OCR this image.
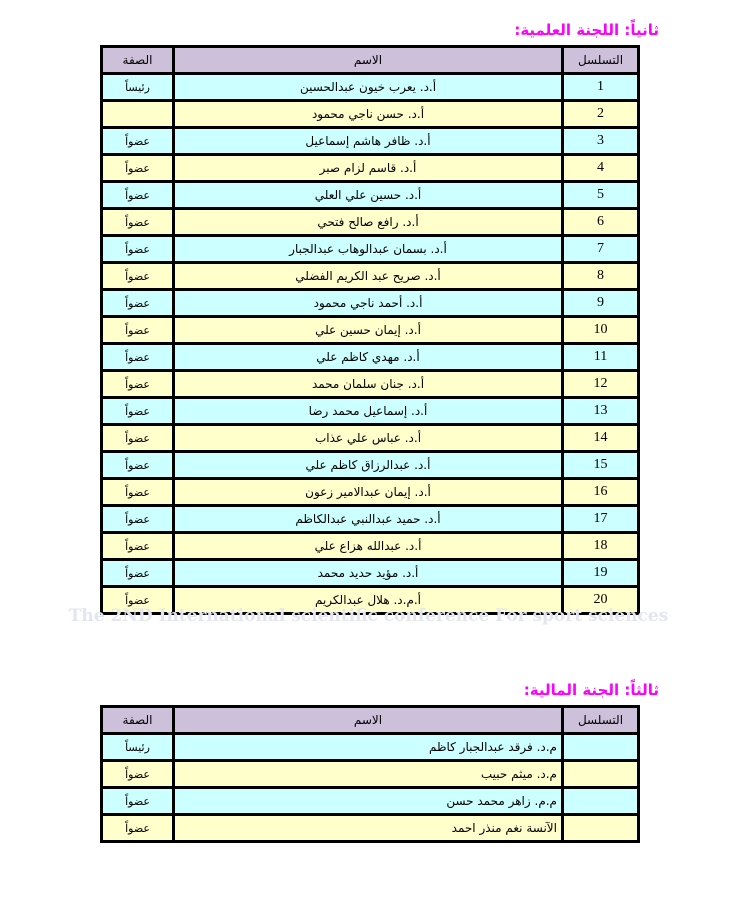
ثانياً: اللجنة العلمية:
التسلسل	الاسم	الصفة
1	أ.د. يعرب خيون عبدالحسين	رئيساً
2	أ.د. حسن ناجي محمود	
3	أ.د. ظافر هاشم إسماعيل	عضواً
4	أ.د. قاسم لزام صبر	عضواً
5	أ.د. حسين علي العلي	عضواً
6	أ.د. رافع صالح فتحي	عضواً
7	أ.د. بسمان عبدالوهاب عبدالجبار	عضواً
8	أ.د. صريح عبد الكريم الفضلي	عضواً
9	أ.د. أحمد ناجي محمود	عضواً
10	أ.د. إيمان حسين علي	عضواً
11	أ.د. مهدي كاظم علي	عضواً
12	أ.د. جنان سلمان محمد	عضواً
13	أ.د. إسماعيل محمد رضا	عضواً
14	أ.د. عباس علي عذاب	عضواً
15	أ.د. عبدالرزاق كاظم علي	عضواً
16	أ.د. إيمان عبدالامير زعون	عضواً
17	أ.د. حميد عبدالنبي عبدالكاظم	عضواً
18	أ.د. عبدالله هزاع علي	عضواً
19	أ.د. مؤيد حديد محمد	عضواً
20	أ.م.د. هلال عبدالكريم	عضواً
The 2ND International scientific conference For sport sciences
ثالثاً: الجنة المالية:
التسلسل	الاسم	الصفة
	م.د. فرقد عبدالجبار كاظم	رئيساً
	م.د. ميثم حبيب	عضواً
	م.م. زاهر محمد حسن	عضواً
	الآنسة نغم منذر احمد	عضواً
